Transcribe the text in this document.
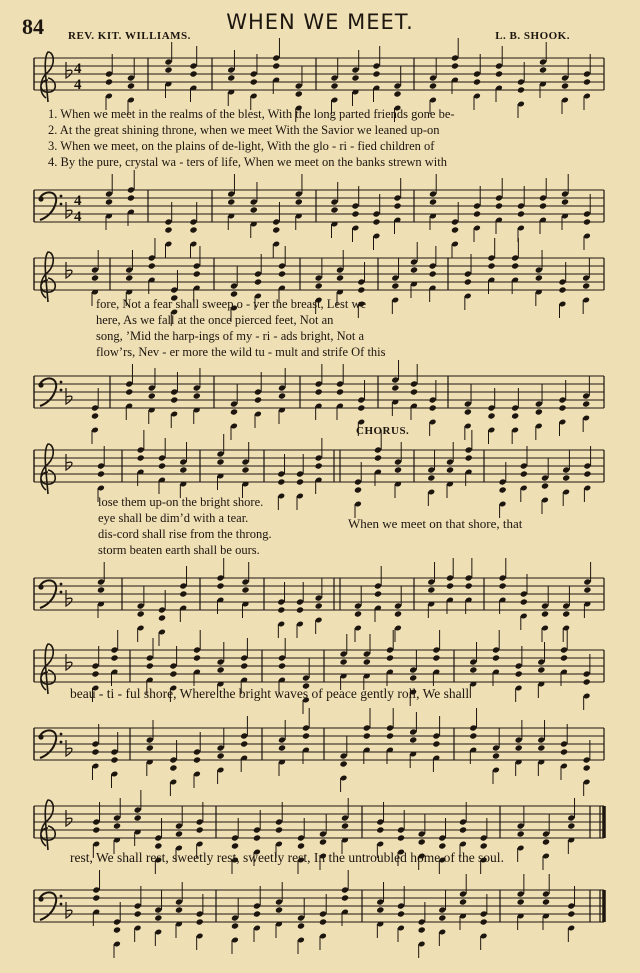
84	WHEN WE MEET.
REV. KIT. WILLIAMS.	L. B. SHOOK.
4
4
1. When we meet in the realms of the blest, With the long parted friends gone be-
2. At the great shining throne, when we meet With the Savior we leaned up-on
3. When we meet, on the plains of de-light, With the glo - ri - fied children of
4. By the pure, crystal wa - ters of life, When we meet on the banks strewn with
4
4
fore, Not a fear shall sweep o - ver the breast, Lest we
here, As we fall at the once pierced feet, Not an
song, ’Mid the harp-ings of my - ri - ads bright, Not a
flow’rs, Nev - er more the wild tu - mult and strife Of this
CHORUS.
lose them up-on the bright shore.
eye shall be dim’d with a tear.
dis-cord shall rise from the throng.
storm beaten earth shall be ours.
When we meet on that shore, that
beau - ti - ful shore, Where the bright waves of peace gently roll, We shall
rest, We shall rest, sweetly rest, sweetly rest, In the untroubled home of the soul.
